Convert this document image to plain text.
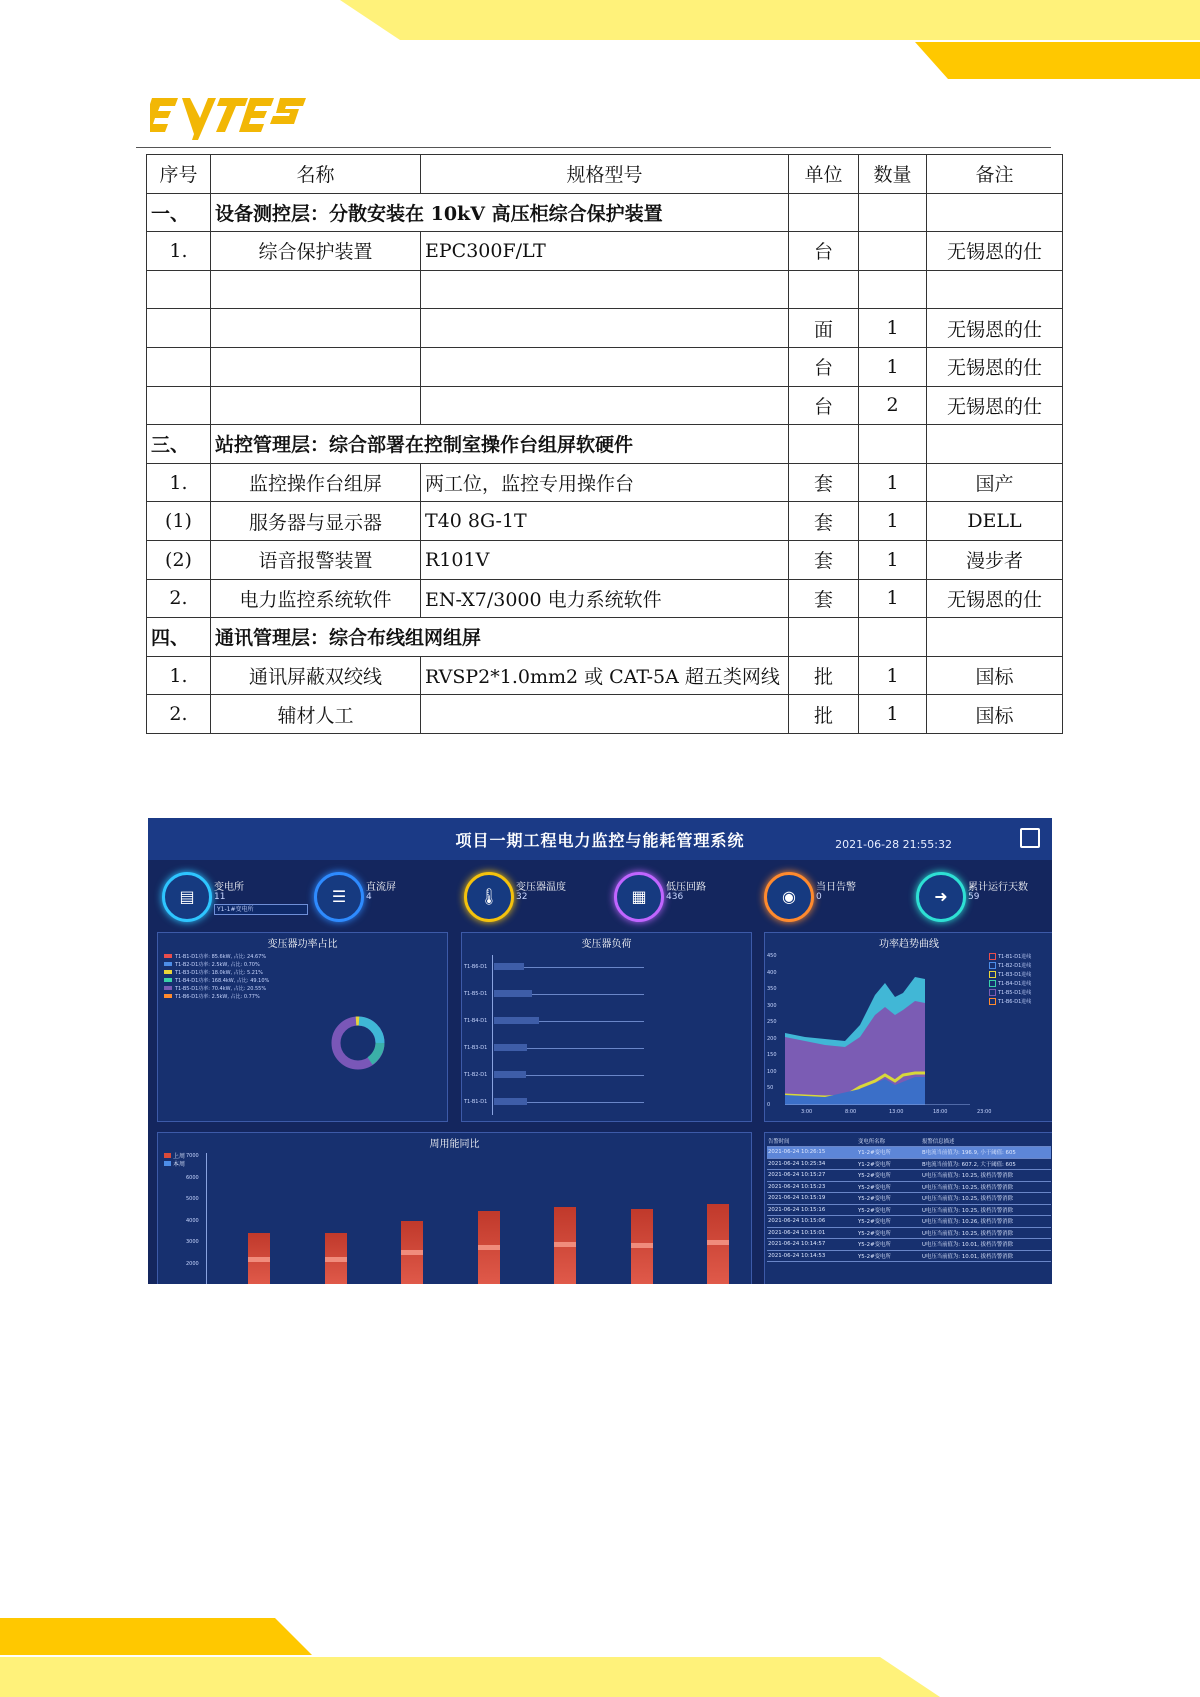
序号	名称	规格型号	单位	数量	备注
一、	设备测控层：分散安装在 10kV 高压柜综合保护装置				
1.	综合保护装置	EPC300F/LT	台		无锡恩的仕

			面	1	无锡恩的仕
			台	1	无锡恩的仕
			台	2	无锡恩的仕
三、	站控管理层：综合部署在控制室操作台组屏软硬件				
1.	监控操作台组屏	两工位，监控专用操作台	套	1	国产
(1)	服务器与显示器	T40 8G-1T	套	1	DELL
(2)	语音报警装置	R101V	套	1	漫步者
2.	电力监控系统软件	EN-X7/3000 电力系统软件	套	1	无锡恩的仕
四、	通讯管理层：综合布线组网组屏				
1.	通讯屏蔽双绞线	RVSP2*1.0mm2 或 CAT-5A 超五类网线	批	1	国标
2.	辅材人工		批	1	国标
项目一期工程电力监控与能耗管理系统	2021-06-28 21:55:32
▤	变电所
11
Y1-1#变电所
☰	直流屏
4	🌡	变压器温度
32	▦	低压回路
436	◉	当日告警
0	➜	累计运行天数
59
变压器功率占比
T1-B1-D1功率: 85.6kW, 占比: 24.67%
T1-B2-D1功率: 2.5kW, 占比: 0.70%
T1-B3-D1功率: 18.0kW, 占比: 5.21%
T1-B4-D1功率: 168.4kW, 占比: 49.10%
T1-B5-D1功率: 70.4kW, 占比: 20.55%
T1-B6-D1功率: 2.5kW, 占比: 0.77%
变压器负荷
T1-B6-D1
T1-B5-D1
T1-B4-D1
T1-B3-D1
T1-B2-D1
T1-B1-D1
功率趋势曲线
450
400
350
300
250
200
150
100
50
0
3:00	8:00	13:00	18:00	23:00
T1-B1-D1进线
T1-B2-D1进线
T1-B3-D1进线
T1-B4-D1进线
T1-B5-D1进线
T1-B6-D1进线
周用能同比
上周
本周
7000
6000
5000
4000
3000
2000
告警时间	变电所名称	报警信息描述
2021-06-24 10:26:15	Y1-2#变电所	B电流当前值为: 196.9, 小于阈值: 605
2021-06-24 10:25:34	Y1-2#变电所	B电流当前值为: 607.2, 大于阈值: 605
2021-06-24 10:15:27	Y5-2#变电所	U电压当前值为: 10.25, 拔档告警消除
2021-06-24 10:15:23	Y5-2#变电所	U电压当前值为: 10.25, 拔档告警消除
2021-06-24 10:15:19	Y5-2#变电所	U电压当前值为: 10.25, 拔档告警消除
2021-06-24 10:15:16	Y5-2#变电所	U电压当前值为: 10.25, 拔档告警消除
2021-06-24 10:15:06	Y5-2#变电所	U电压当前值为: 10.26, 拔档告警消除
2021-06-24 10:15:01	Y5-2#变电所	U电压当前值为: 10.25, 拔档告警消除
2021-06-24 10:14:57	Y5-2#变电所	U电压当前值为: 10.01, 拔档告警消除
2021-06-24 10:14:53	Y5-2#变电所	U电压当前值为: 10.01, 拔档告警消除
